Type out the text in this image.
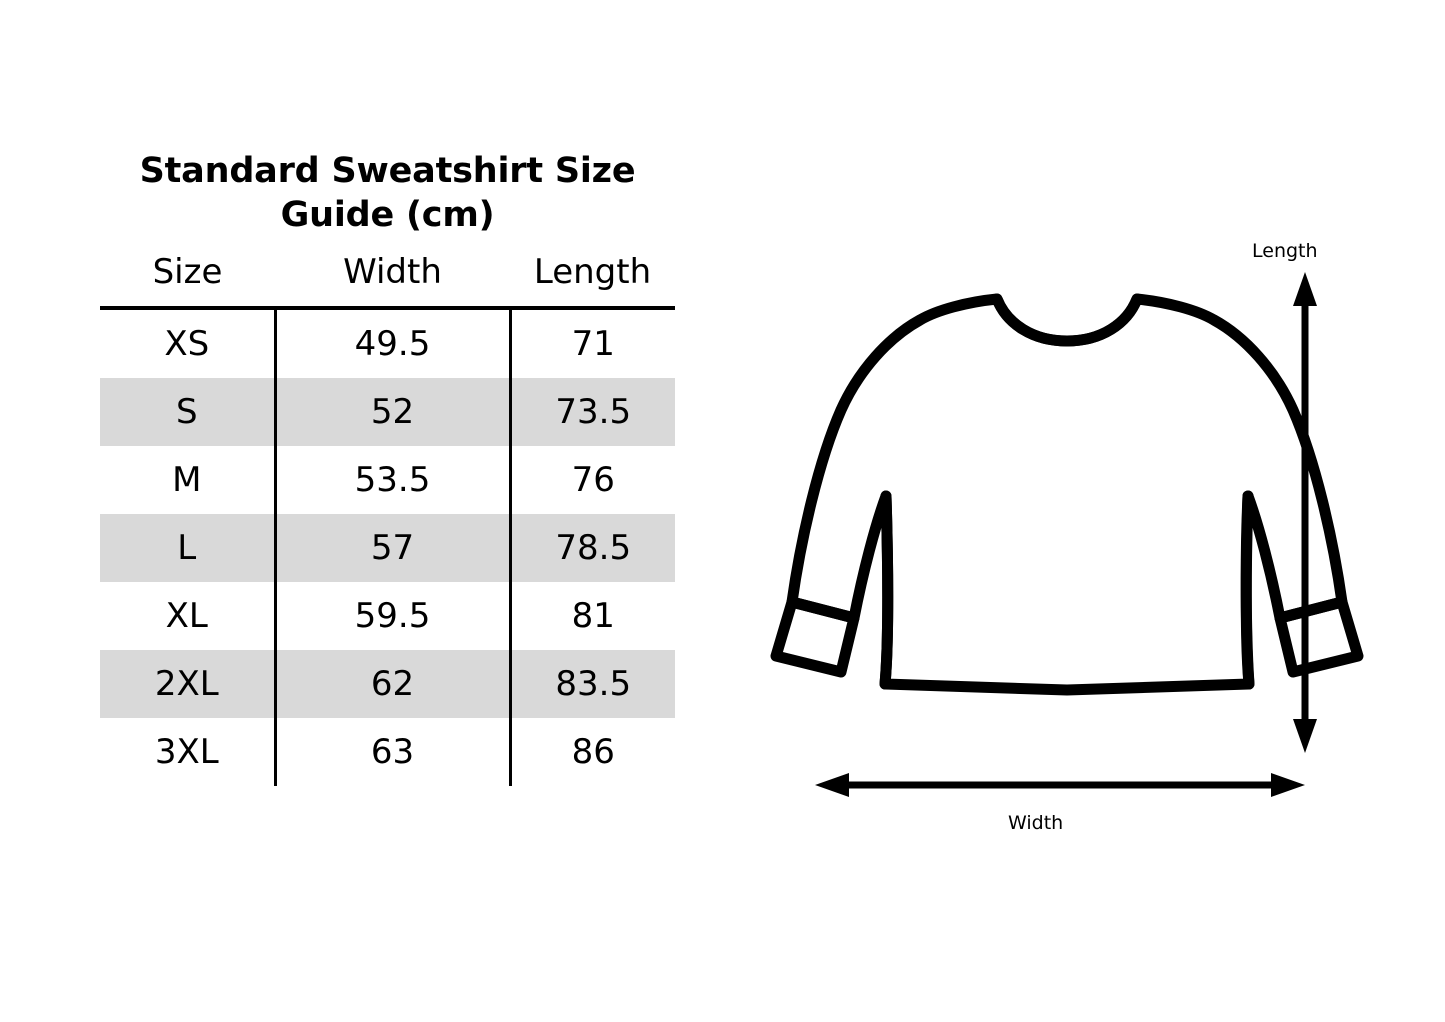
Standard Sweatshirt Size
Guide (cm)
Size	Width	Length
XS	49.5	71
S	52	73.5
M	53.5	76
L	57	78.5
XL	59.5	81
2XL	62	83.5
3XL	63	86
Length
Width
